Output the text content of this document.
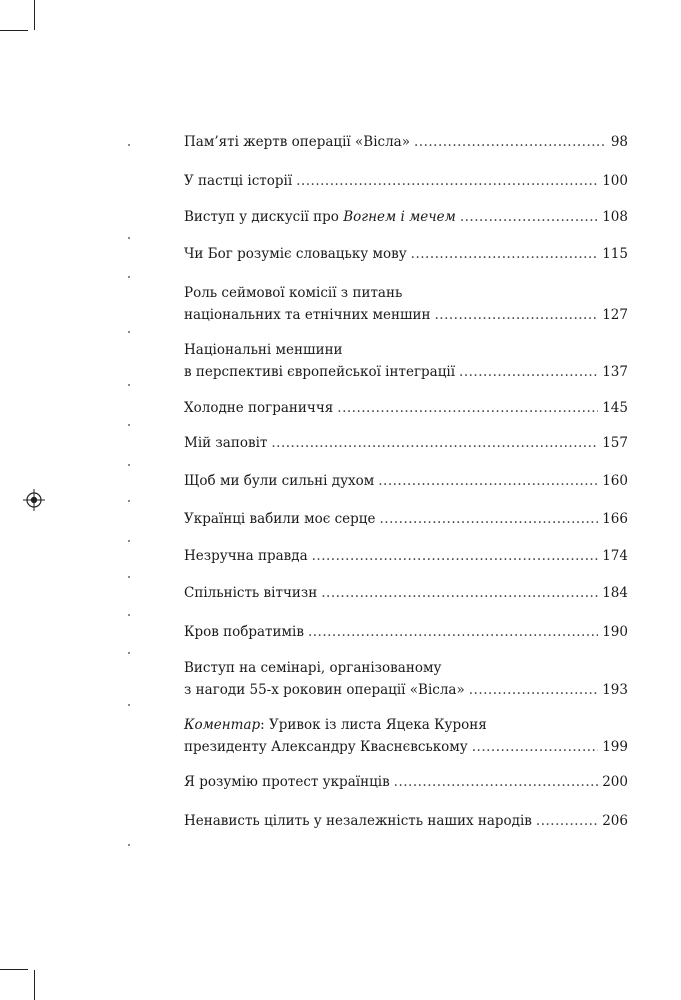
Пам’яті жертв операції «Вісла» .....	98
У пастці історії .....	100
Виступ у дискусії про Вогнем і мечем .....	108
Чи Бог розуміє словацьку мову .....	115
Роль сеймової комісії з питань
національних та етнічних меншин .....	127
Національні меншини
в перспективі європейської інтеграції .....	137
Холодне пограниччя .....	145
Мій заповіт .....	157
Щоб ми були сильні духом .....	160
Українці вабили моє серце .....	166
Незручна правда .....	174
Спільність вітчизн .....	184
Кров побратимів .....	190
Виступ на семінарі, організованому
з нагоди 55-х роковин операції «Вісла» .....	193
Коментар : Уривок із листа Яцека Куроня
президенту Александру Кваснєвському .....	199
Я розумію протест українців .....	200
Ненависть цілить у незалежність наших народів .....	206
